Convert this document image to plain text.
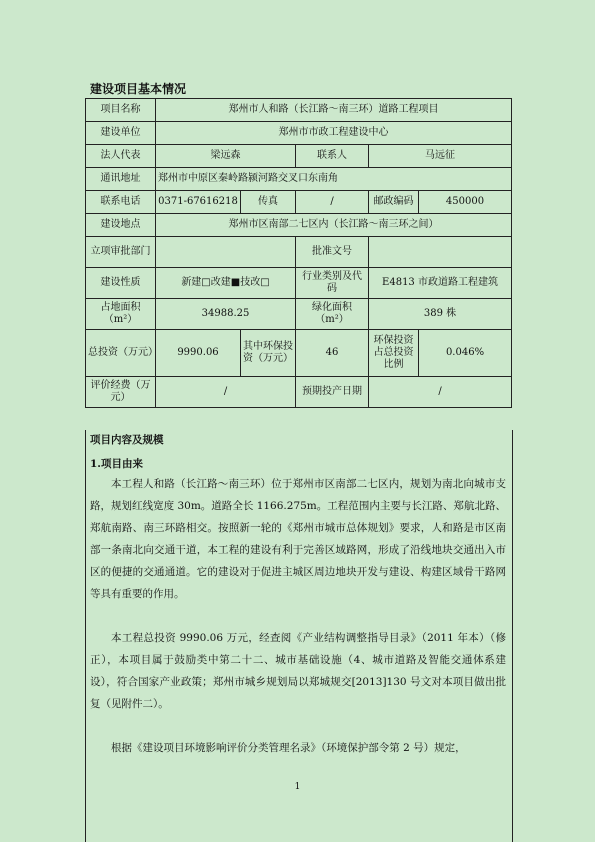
建设项目基本情况
项目名称	郑州市人和路（长江路～南三环）道路工程项目				
建设单位	郑州市市政工程建设中心				
法人代表	梁远森		联系人	马远征	
通讯地址	郑州市中原区秦岭路颍河路交叉口东南角				
联系电话	0371-67616218	传真	/	邮政编码	450000
建设地点	郑州市区南部二七区内（长江路～南三环之间）				
立项审批部门			批准文号		
建设性质	新建□改建■技改□		行业类别及代码	E4813 市政道路工程建筑	
占地面积（m²）	34988.25		绿化面积（m²）	389 株	
总投资（万元）	9990.06	其中环保投资（万元）	46	环保投资占总投资比例	0.046%
评价经费（万元）	/		预期投产日期	/	
项目内容及规模
1.项目由来

本工程人和路（长江路～南三环）位于郑州市区南部二七区内，规划为南北向城市支路，规划红线宽度 30m。道路全长 1166.275m。工程范围内主要与长江路、郑航北路、郑航南路、南三环路相交。按照新一轮的《郑州市城市总体规划》要求，人和路是市区南部一条南北向交通干道，本工程的建设有利于完善区域路网，形成了沿线地块交通出入市区的便捷的交通通道。它的建设对于促进主城区周边地块开发与建设、构建区域骨干路网等具有重要的作用。

本工程总投资 9990.06 万元，经查阅《产业结构调整指导目录》（2011 年本）（修正），本项目属于鼓励类中第二十二、城市基础设施（4、城市道路及智能交通体系建设），符合国家产业政策；郑州市城乡规划局以郑城规交[2013]130 号文对本项目做出批复（见附件二）。

根据《建设项目环境影响评价分类管理名录》（环境保护部令第 2 号）规定，

1
